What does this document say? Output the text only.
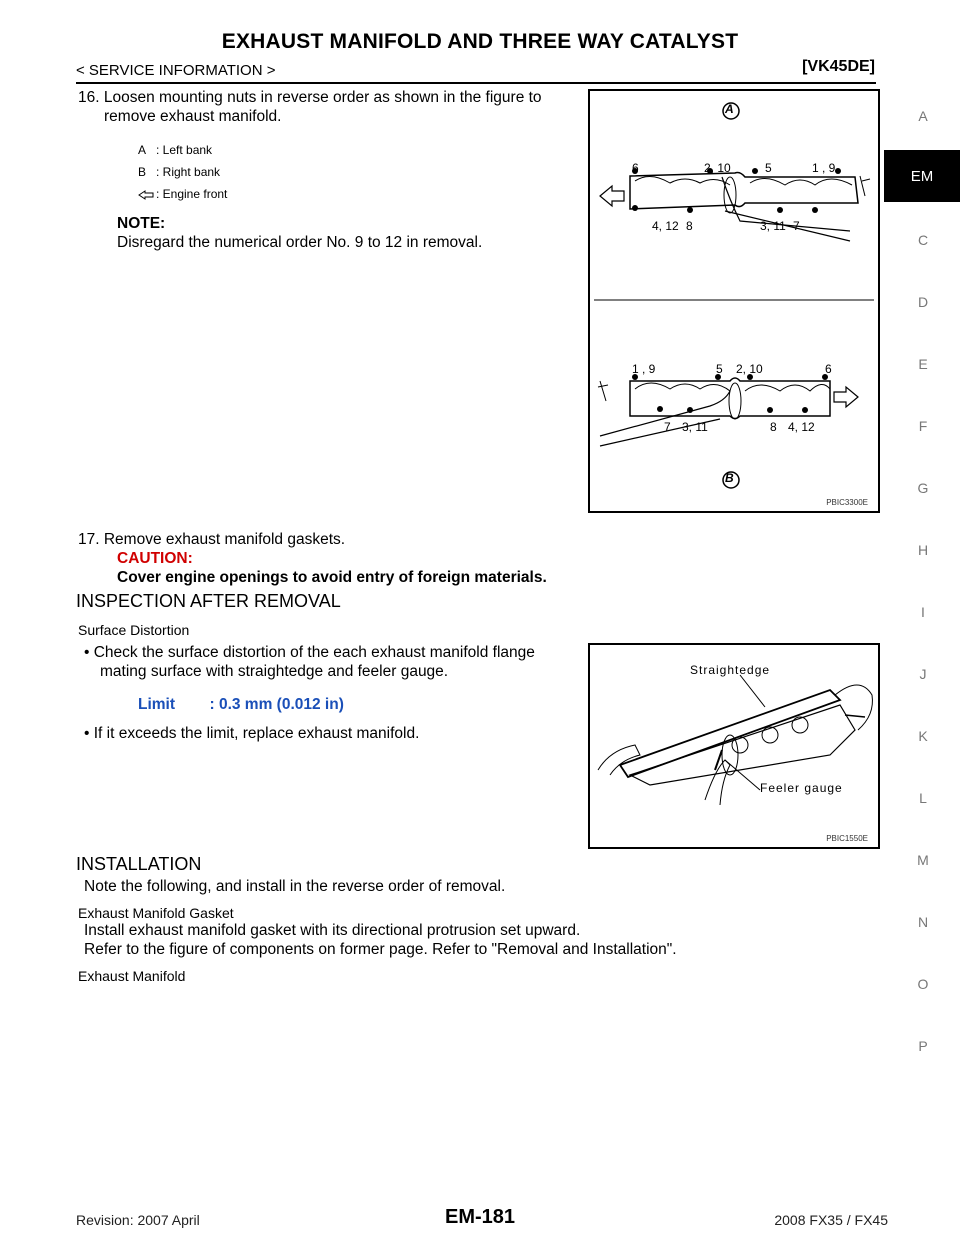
EXHAUST MANIFOLD AND THREE WAY CATALYST
< SERVICE INFORMATION >	[VK45DE]
A
EM
C
D
E
F
G
H
I
J
K
L
M
N
O
P
16. Loosen mounting nuts in reverse order as shown in the figure to
remove exhaust manifold.
A : Left bank
B : Right bank
: Engine front
NOTE:
Disregard the numerical order No. 9 to 12 in removal.
A
B
6	2, 10	5	1 , 9
4, 12 8	3, 11 7
1 , 9	5 2, 10	6
7 3, 11	8 4, 12
PBIC3300E
17. Remove exhaust manifold gaskets.
CAUTION:
Cover engine openings to avoid entry of foreign materials.
INSPECTION AFTER REMOVAL
Surface Distortion
• Check the surface distortion of the each exhaust manifold flange
mating surface with straightedge and feeler gauge.
Limit        : 0.3 mm (0.012 in)
• If it exceeds the limit, replace exhaust manifold.
Straightedge
Feeler gauge
PBIC1550E
INSTALLATION
Note the following, and install in the reverse order of removal.
Exhaust Manifold Gasket
Install exhaust manifold gasket with its directional protrusion set upward.
Refer to the figure of components on former page. Refer to "Removal and Installation".
Exhaust Manifold
Revision: 2007 April	EM-181	2008 FX35 / FX45
